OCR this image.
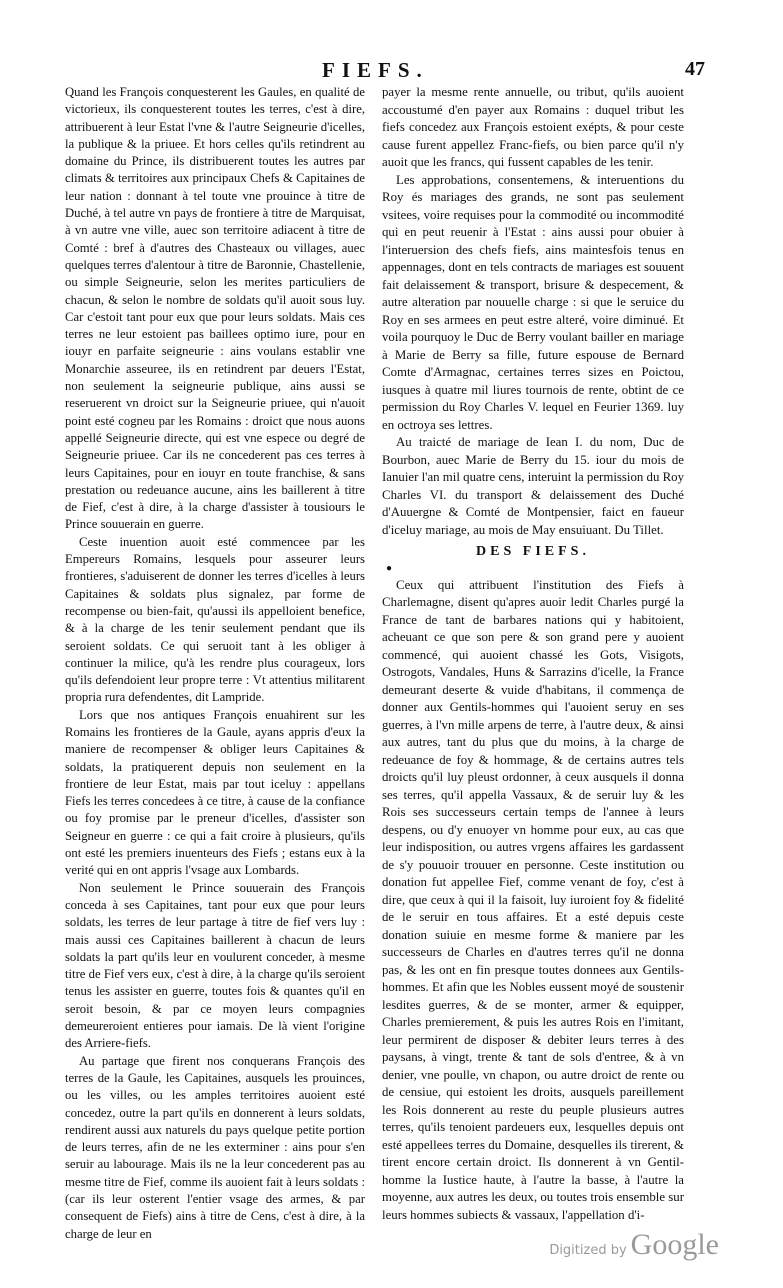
FIEFS.	47

Quand les François conquesterent les Gaules, en qualité de victorieux, ils conquesterent toutes les terres, c'est à dire, attribuerent à leur Estat l'vne & l'autre Seigneurie d'icelles, la publique & la priuee. Et hors celles qu'ils retindrent au domaine du Prince, ils distribuerent toutes les autres par climats & territoires aux principaux Chefs & Capitaines de leur nation : donnant à tel toute vne prouince à titre de Duché, à tel autre vn pays de frontiere à titre de Marquisat, à vn autre vne ville, auec son territoire adiacent à titre de Comté : bref à d'autres des Chasteaux ou villages, auec quelques terres d'alentour à titre de Baronnie, Chastellenie, ou simple Seigneurie, selon les merites particuliers de chacun, & selon le nombre de soldats qu'il auoit sous luy. Car c'estoit tant pour eux que pour leurs soldats. Mais ces terres ne leur estoient pas baillees optimo iure, pour en iouyr en parfaite seigneurie : ains voulans establir vne Monarchie asseuree, ils en retindrent par deuers l'Estat, non seulement la seigneurie publique, ains aussi se reseruerent vn droict sur la Seigneurie priuee, qui n'auoit point esté cogneu par les Romains : droict que nous auons appellé Seigneurie directe, qui est vne espece ou degré de Seigneurie priuee. Car ils ne concederent pas ces terres à leurs Capitaines, pour en iouyr en toute franchise, & sans prestation ou redeuance aucune, ains les baillerent à titre de Fief, c'est à dire, à la charge d'assister à tousiours le Prince souuerain en guerre.

Ceste inuention auoit esté commencee par les Empereurs Romains, lesquels pour asseurer leurs frontieres, s'aduiserent de donner les terres d'icelles à leurs Capitaines & soldats plus signalez, par forme de recompense ou bien-fait, qu'aussi ils appelloient benefice, & à la charge de les tenir seulement pendant que ils seroient soldats. Ce qui seruoit tant à les obliger à continuer la milice, qu'à les rendre plus courageux, lors qu'ils defendoient leur propre terre : Vt attentius militarent propria rura defendentes, dit Lampride.

Lors que nos antiques François enuahirent sur les Romains les frontieres de la Gaule, ayans appris d'eux la maniere de recompenser & obliger leurs Capitaines & soldats, la pratiquerent depuis non seulement en la frontiere de leur Estat, mais par tout iceluy : appellans Fiefs les terres concedees à ce titre, à cause de la confiance ou foy promise par le preneur d'icelles, d'assister son Seigneur en guerre : ce qui a fait croire à plusieurs, qu'ils ont esté les premiers inuenteurs des Fiefs ; estans eux à la verité qui en ont appris l'vsage aux Lombards.

Non seulement le Prince souuerain des François conceda à ses Capitaines, tant pour eux que pour leurs soldats, les terres de leur partage à titre de fief vers luy : mais aussi ces Capitaines baillerent à chacun de leurs soldats la part qu'ils leur en voulurent conceder, à mesme titre de Fief vers eux, c'est à dire, à la charge qu'ils seroient tenus les assister en guerre, toutes fois & quantes qu'il en seroit besoin, & par ce moyen leurs compagnies demeureroient entieres pour iamais. De là vient l'origine des Arriere-fiefs.

Au partage que firent nos conquerans François des terres de la Gaule, les Capitaines, ausquels les prouinces, ou les villes, ou les amples territoires auoient esté concedez, outre la part qu'ils en donnerent à leurs soldats, rendirent aussi aux naturels du pays quelque petite portion de leurs terres, afin de ne les exterminer : ains pour s'en seruir au labourage. Mais ils ne la leur concederent pas au mesme titre de Fief, comme ils auoient fait à leurs soldats : (car ils leur osterent l'entier vsage des armes, & par consequent de Fiefs) ains à titre de Cens, c'est à dire, à la charge de leur en

payer la mesme rente annuelle, ou tribut, qu'ils auoient accoustumé d'en payer aux Romains : duquel tribut les fiefs concedez aux François estoient exépts, & pour ceste cause furent appellez Franc-fiefs, ou bien parce qu'il n'y auoit que les francs, qui fussent capables de les tenir.

Les approbations, consentemens, & interuentions du Roy és mariages des grands, ne sont pas seulement vsitees, voire requises pour la commodité ou incommodité qui en peut reuenir à l'Estat : ains aussi pour obuier à l'interuersion des chefs fiefs, ains maintesfois tenus en appennages, dont en tels contracts de mariages est souuent fait delaissement & transport, brisure & despecement, & autre alteration par nouuelle charge : si que le seruice du Roy en ses armees en peut estre alteré, voire diminué. Et voila pourquoy le Duc de Berry voulant bailler en mariage à Marie de Berry sa fille, future espouse de Bernard Comte d'Armagnac, certaines terres sizes en Poictou, iusques à quatre mil liures tournois de rente, obtint de ce permission du Roy Charles V. lequel en Feurier 1369. luy en octroya ses lettres.

Au traicté de mariage de Iean I. du nom, Duc de Bourbon, auec Marie de Berry du 15. iour du mois de Ianuier l'an mil quatre cens, interuint la permission du Roy Charles VI. du transport & delaissement des Duché d'Auuergne & Comté de Montpensier, faict en faueur d'iceluy mariage, au mois de May ensuiuant. Du Tillet.

DES FIEFS.
●

Ceux qui attribuent l'institution des Fiefs à Charlemagne, disent qu'apres auoir ledit Charles purgé la France de tant de barbares nations qui y habitoient, acheuant ce que son pere & son grand pere y auoient commencé, qui auoient chassé les Gots, Visigots, Ostrogots, Vandales, Huns & Sarrazins d'icelle, la France demeurant deserte & vuide d'habitans, il commença de donner aux Gentils-hommes qui l'auoient seruy en ses guerres, à l'vn mille arpens de terre, à l'autre deux, & ainsi aux autres, tant du plus que du moins, à la charge de redeuance de foy & hommage, & de certains autres tels droicts qu'il luy pleust ordonner, à ceux ausquels il donna ses terres, qu'il appella Vassaux, & de seruir luy & les Rois ses successeurs certain temps de l'annee à leurs despens, ou d'y enuoyer vn homme pour eux, au cas que leur indisposition, ou autres vrgens affaires les gardassent de s'y pouuoir trouuer en personne. Ceste institution ou donation fut appellee Fief, comme venant de foy, c'est à dire, que ceux à qui il la faisoit, luy iuroient foy & fidelité de le seruir en tous affaires. Et a esté depuis ceste donation suiuie en mesme forme & maniere par les successeurs de Charles en d'autres terres qu'il ne donna pas, & les ont en fin presque toutes donnees aux Gentils-hommes. Et afin que les Nobles eussent moyé de soustenir lesdites guerres, & de se monter, armer & equipper, Charles premierement, & puis les autres Rois en l'imitant, leur permirent de disposer & debiter leurs terres à des paysans, à vingt, trente & tant de sols d'entree, & à vn denier, vne poulle, vn chapon, ou autre droict de rente ou de censiue, qui estoient les droits, ausquels pareillement les Rois donnerent au reste du peuple plusieurs autres terres, qu'ils tenoient pardeuers eux, lesquelles depuis ont esté appellees terres du Domaine, desquelles ils tirerent, & tirent encore certain droict. Ils donnerent à vn Gentil-homme la Iustice haute, à l'autre la basse, à l'autre la moyenne, aux autres les deux, ou toutes trois ensemble sur leurs hommes subiects & vassaux, l'appellation d'i-

Digitized by Google
